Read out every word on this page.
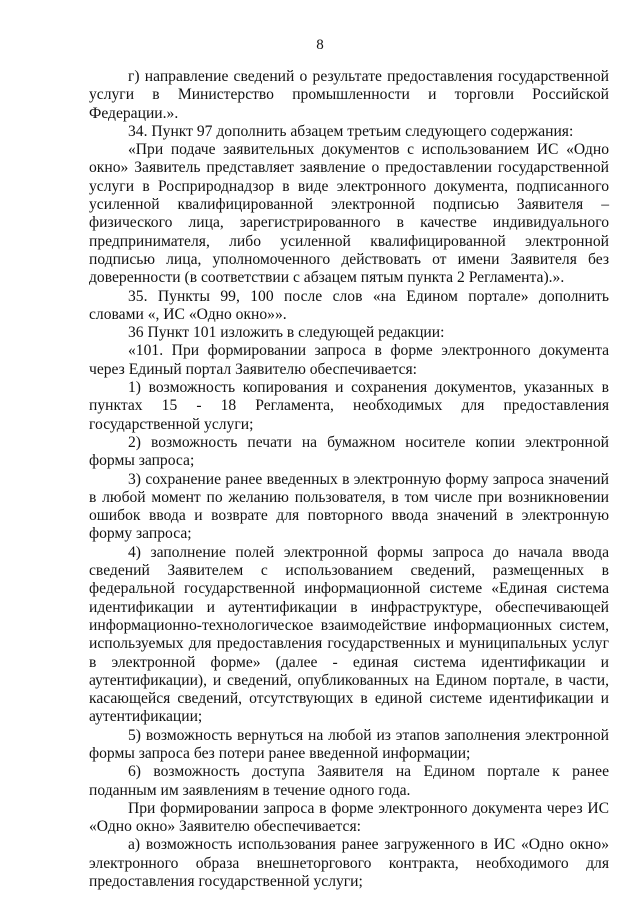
8

г) направление сведений о результате предоставления государственной услуги в Министерство промышленности и торговли Российской Федерации.».

34. Пункт 97 дополнить абзацем третьим следующего содержания:

«При подаче заявительных документов с использованием ИС «Одно окно» Заявитель представляет заявление о предоставлении государственной услуги в Росприроднадзор в виде электронного документа, подписанного усиленной квалифицированной электронной подписью Заявителя – физического лица, зарегистрированного в качестве индивидуального предпринимателя, либо усиленной квалифицированной электронной подписью лица, уполномоченного действовать от имени Заявителя без доверенности (в соответствии с абзацем пятым пункта 2 Регламента).».

35. Пункты 99, 100 после слов «на Едином портале» дополнить словами «, ИС «Одно окно»».

36 Пункт 101 изложить в следующей редакции:

«101. При формировании запроса в форме электронного документа через Единый портал Заявителю обеспечивается:

1) возможность копирования и сохранения документов, указанных в пунктах 15 - 18 Регламента, необходимых для предоставления государственной услуги;

2) возможность печати на бумажном носителе копии электронной формы запроса;

3) сохранение ранее введенных в электронную форму запроса значений в любой момент по желанию пользователя, в том числе при возникновении ошибок ввода и возврате для повторного ввода значений в электронную форму запроса;

4) заполнение полей электронной формы запроса до начала ввода сведений Заявителем с использованием сведений, размещенных в федеральной государственной информационной системе «Единая система идентификации и аутентификации в инфраструктуре, обеспечивающей информационно-технологическое взаимодействие информационных систем, используемых для предоставления государственных и муниципальных услуг в электронной форме» (далее - единая система идентификации и аутентификации), и сведений, опубликованных на Едином портале, в части, касающейся сведений, отсутствующих в единой системе идентификации и аутентификации;

5) возможность вернуться на любой из этапов заполнения электронной формы запроса без потери ранее введенной информации;

6) возможность доступа Заявителя на Едином портале к ранее поданным им заявлениям в течение одного года.

При формировании запроса в форме электронного документа через ИС «Одно окно» Заявителю обеспечивается:

а) возможность использования ранее загруженного в ИС «Одно окно» электронного образа внешнеторгового контракта, необходимого для предоставления государственной услуги;
